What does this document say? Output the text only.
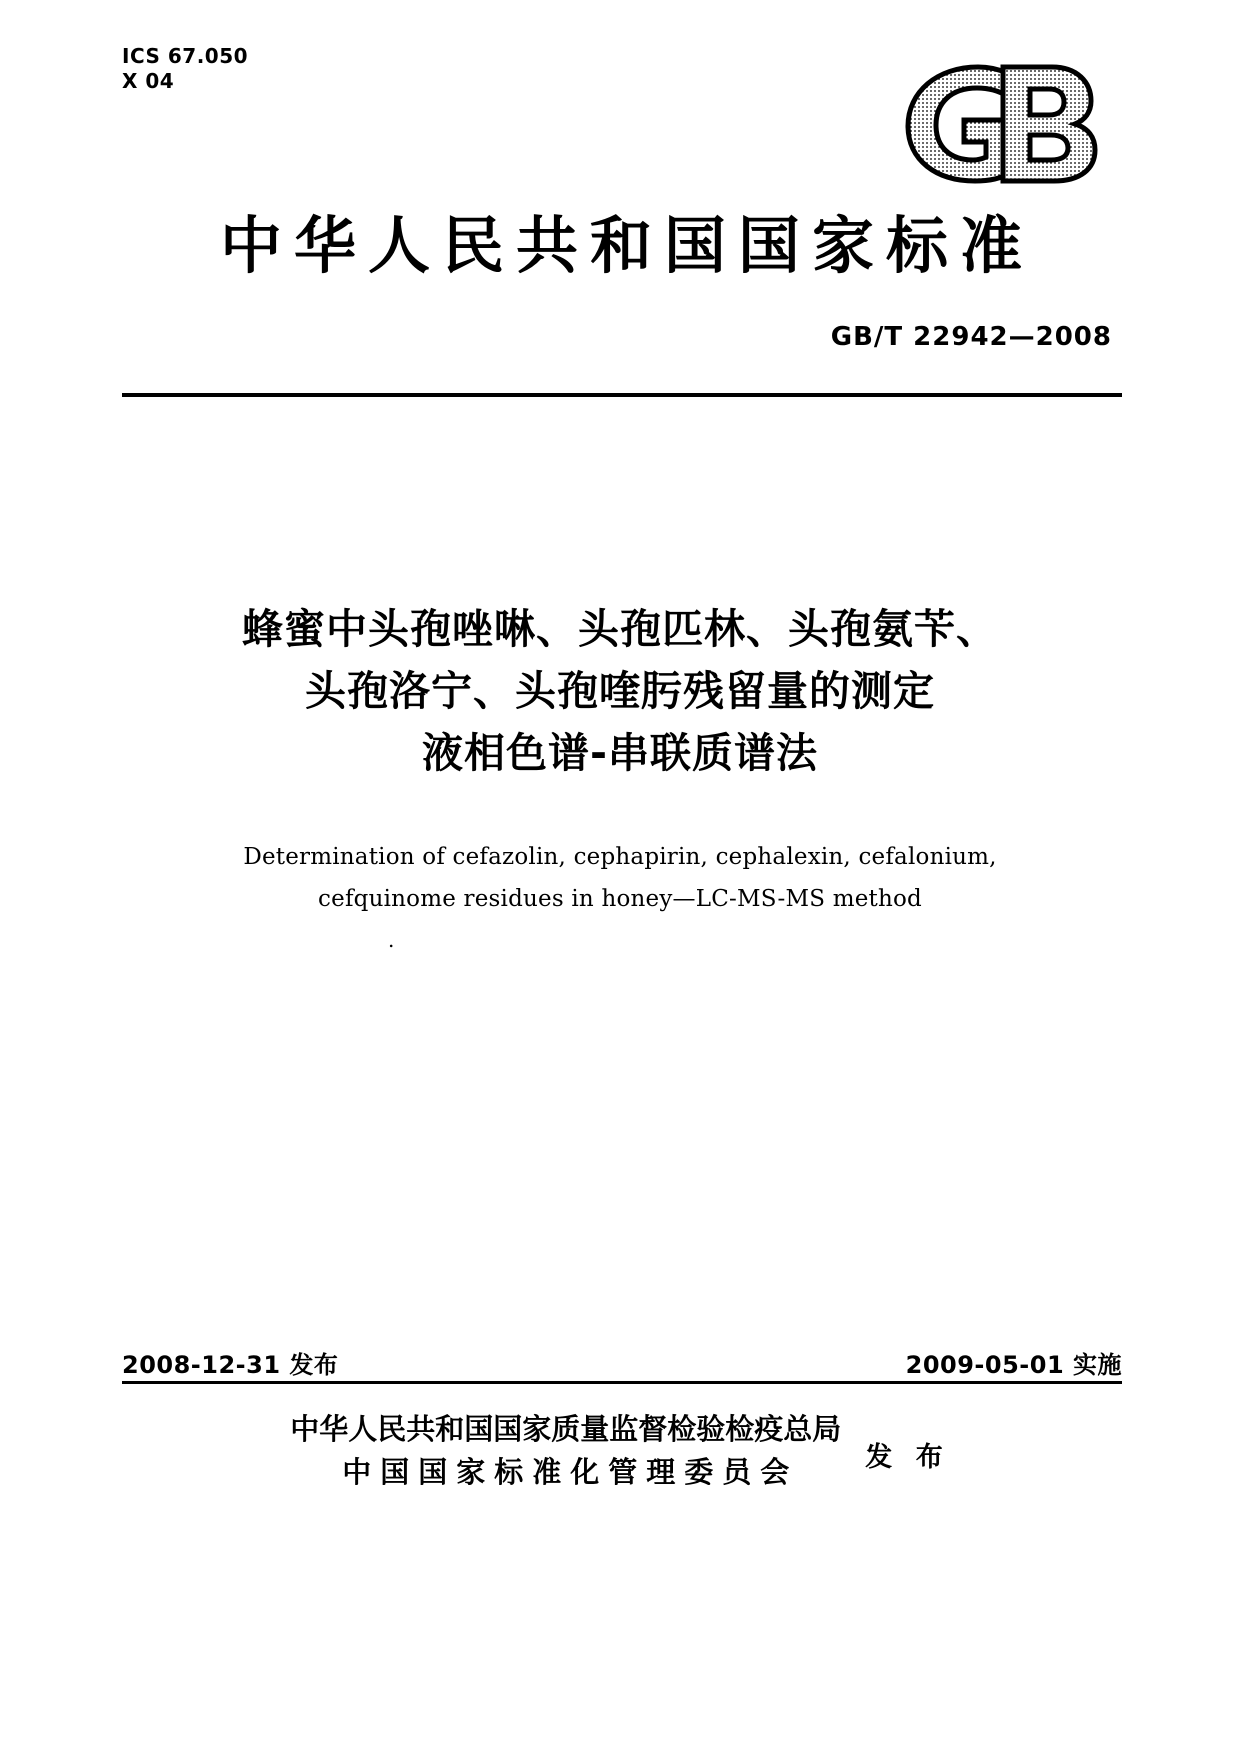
ICS 67.050
X 04
中华人民共和国国家标准
GB/T 22942—2008
蜂蜜中头孢唑啉、头孢匹林、头孢氨苄、
头孢洛宁、头孢喹肟残留量的测定
液相色谱-串联质谱法
Determination of cefazolin, cephapirin, cephalexin, cefalonium,
cefquinome residues in honey—LC-MS-MS method
.
2008-12-31 发布	2009-05-01 实施
中华人民共和国国家质量监督检验检疫总局
中国国家标准化管理委员会	发 布
